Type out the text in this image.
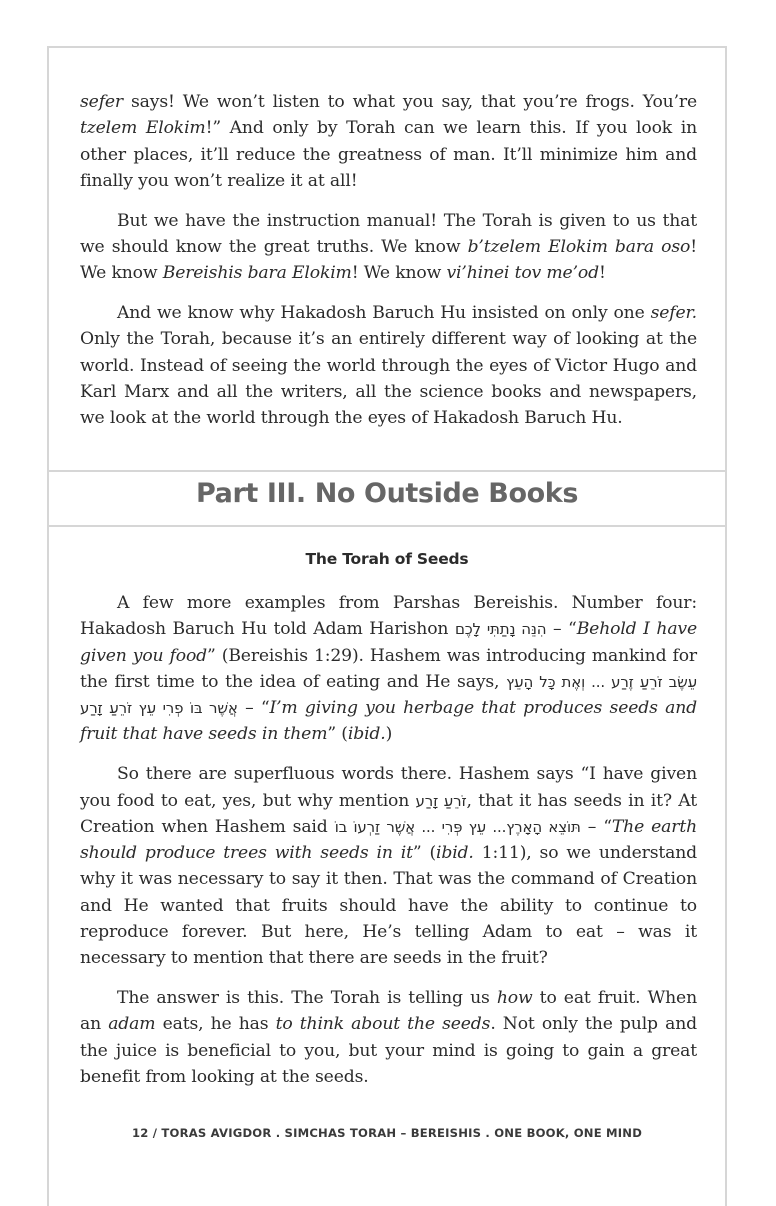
sefer says! We won’t listen to what you say, that you’re frogs. You’re tzelem Elokim!” And only by Torah can we learn this. If you look in other places, it’ll reduce the greatness of man. It’ll minimize him and finally you won’t realize it at all!

But we have the instruction manual! The Torah is given to us that we should know the great truths. We know b’tzelem Elokim bara oso! We know Bereishis bara Elokim! We know vi’hinei tov me’od!

And we know why Hakadosh Baruch Hu insisted on only one sefer. Only the Torah, because it’s an entirely different way of looking at the world. Instead of seeing the world through the eyes of Victor Hugo and Karl Marx and all the writers, all the science books and newspapers, we look at the world through the eyes of Hakadosh Baruch Hu.

Part III. No Outside Books
The Torah of Seeds

A few more examples from Parshas Bereishis. Number four: Hakadosh Baruch Hu told Adam Harishon הִנֵּה נָתַתִּי לָכֶם – “Behold I have given you food” (Bereishis 1:29). Hashem was introducing mankind for the first time to the idea of eating and He says, עֵשֶׂב זֹרֵעַ זֶרַע ... וְאֶת כָּל הָעֵץ אֲשֶׁר בּוֹ פְרִי עֵץ זֹרֵעַ זָרַע – “I’m giving you herbage that produces seeds and fruit that have seeds in them” (ibid.)

So there are superfluous words there. Hashem says “I have given you food to eat, yes, but why mention זֹרֵעַ זָרַע, that it has seeds in it? At Creation when Hashem said תּוֹצֵא הָאָרֶץ... עֵץ פְּרִי ... אֲשֶׁר זַרְעוֹ בוֹ – “The earth should produce trees with seeds in it” (ibid. 1:11), so we understand why it was necessary to say it then. That was the command of Creation and He wanted that fruits should have the ability to continue to reproduce forever. But here, He’s telling Adam to eat – was it necessary to mention that there are seeds in the fruit?

The answer is this. The Torah is telling us how to eat fruit. When an adam eats, he has to think about the seeds. Not only the pulp and the juice is beneficial to you, but your mind is going to gain a great benefit from looking at the seeds.

12 / TORAS AVIGDOR . SIMCHAS TORAH – BEREISHIS . ONE BOOK, ONE MIND
